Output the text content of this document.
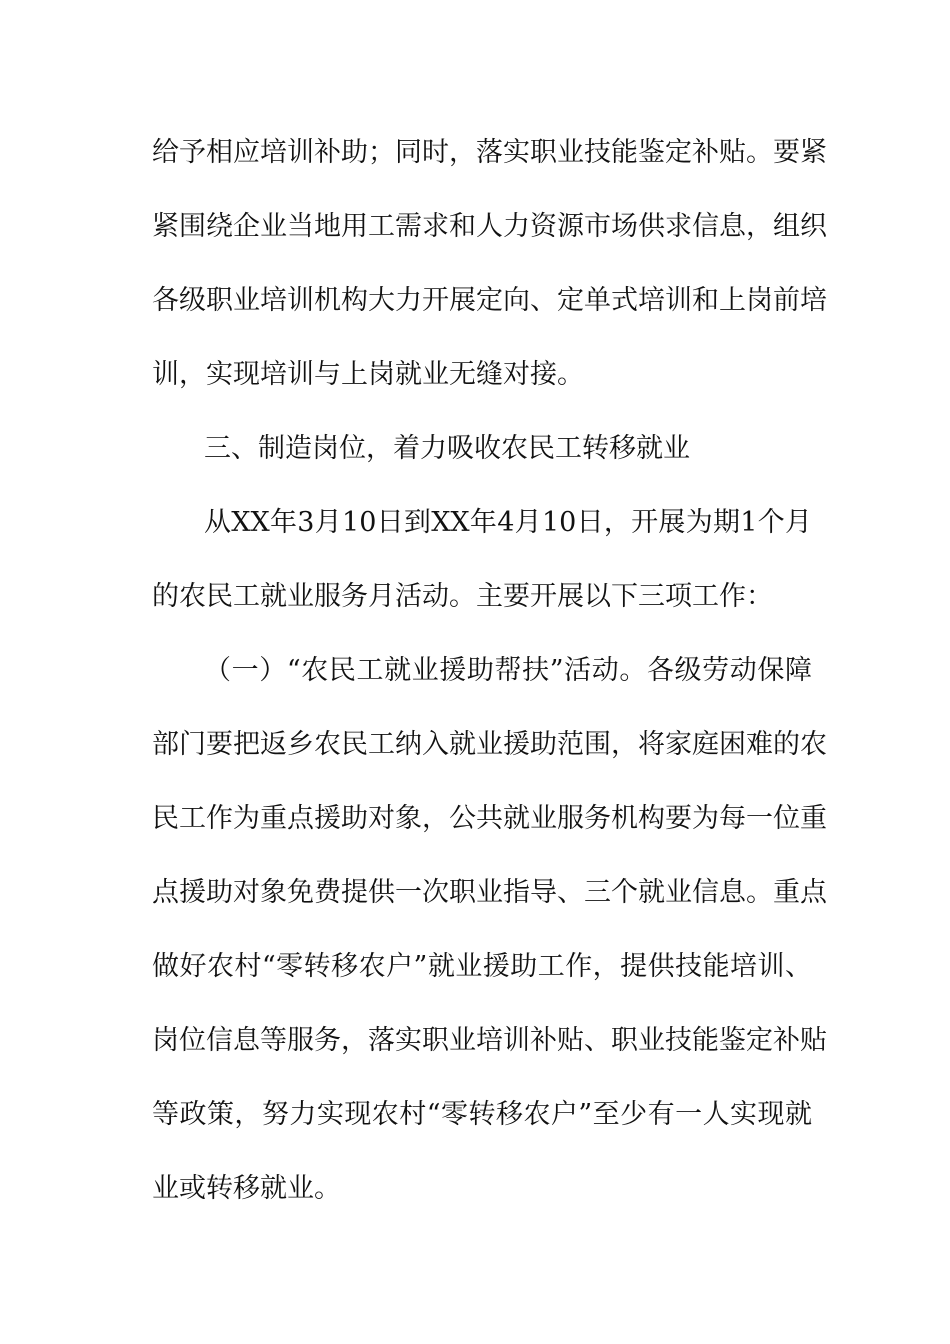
给予相应培训补助；同时，落实职业技能鉴定补贴。要紧
紧围绕企业当地用工需求和人力资源市场供求信息，组织
各级职业培训机构大力开展定向、定单式培训和上岗前培
训，实现培训与上岗就业无缝对接。
三、制造岗位，着力吸收农民工转移就业
从XX年3月10日到XX年4月10日，开展为期1个月
的农民工就业服务月活动。主要开展以下三项工作：
（一）“农民工就业援助帮扶”活动。各级劳动保障
部门要把返乡农民工纳入就业援助范围，将家庭困难的农
民工作为重点援助对象，公共就业服务机构要为每一位重
点援助对象免费提供一次职业指导、三个就业信息。重点
做好农村“零转移农户”就业援助工作，提供技能培训、
岗位信息等服务，落实职业培训补贴、职业技能鉴定补贴
等政策，努力实现农村“零转移农户”至少有一人实现就
业或转移就业。
